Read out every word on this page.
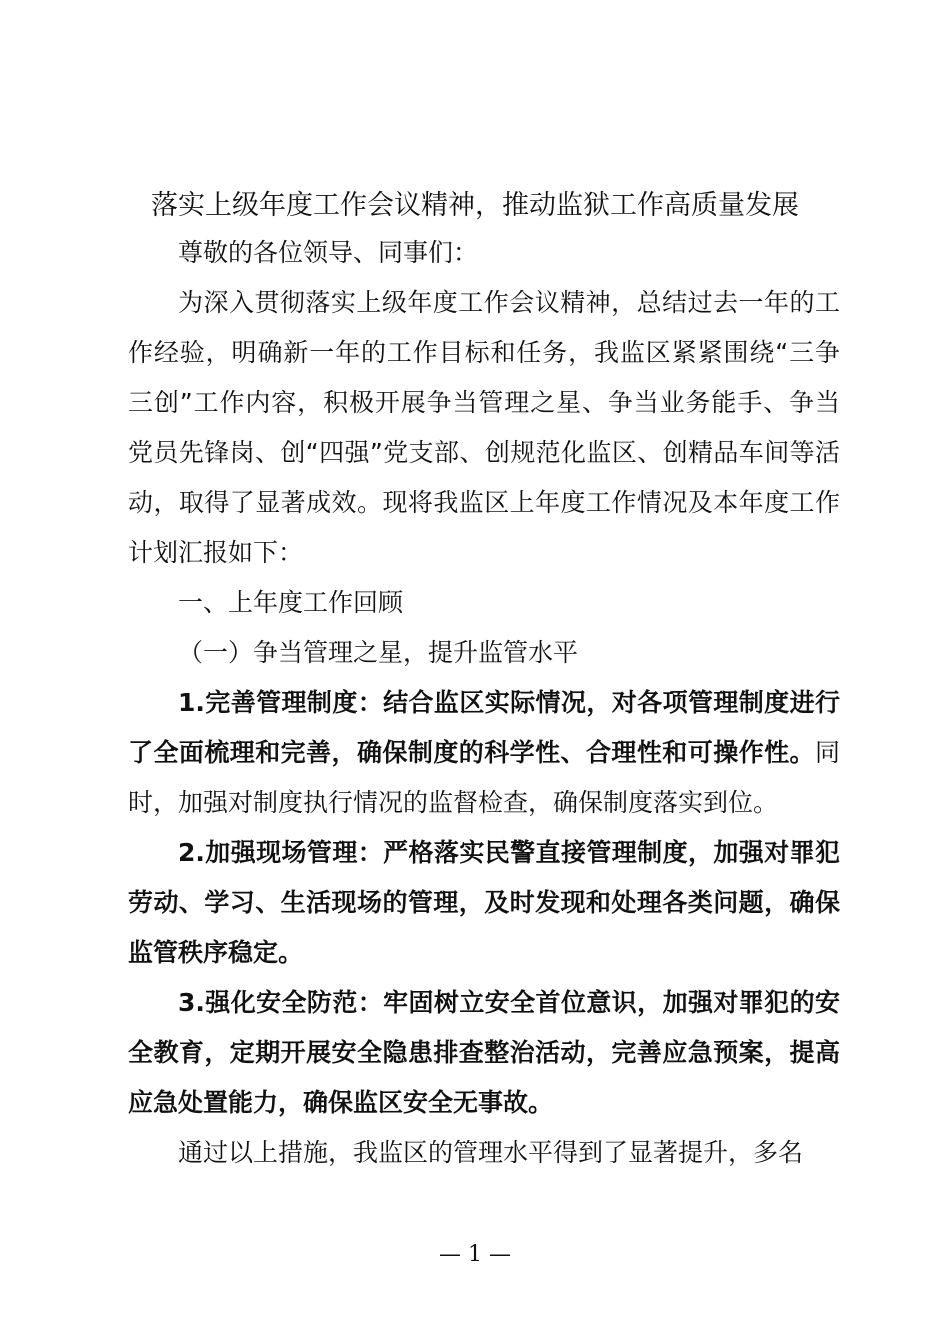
落实上级年度工作会议精神，推动监狱工作高质量发展

尊敬的各位领导、同事们：

为深入贯彻落实上级年度工作会议精神，总结过去一年的工作经验，明确新一年的工作目标和任务，我监区紧紧围绕“三争三创”工作内容，积极开展争当管理之星、争当业务能手、争当党员先锋岗、创“四强”党支部、创规范化监区、创精品车间等活动，取得了显著成效。现将我监区上年度工作情况及本年度工作计划汇报如下：

一、上年度工作回顾

（一）争当管理之星，提升监管水平

1.完善管理制度：结合监区实际情况，对各项管理制度进行了全面梳理和完善，确保制度的科学性、合理性和可操作性。同时，加强对制度执行情况的监督检查，确保制度落实到位。

2.加强现场管理：严格落实民警直接管理制度，加强对罪犯劳动、学习、生活现场的管理，及时发现和处理各类问题，确保监管秩序稳定。

3.强化安全防范：牢固树立安全首位意识，加强对罪犯的安全教育，定期开展安全隐患排查整治活动，完善应急预案，提高应急处置能力，确保监区安全无事故。

通过以上措施，我监区的管理水平得到了显著提升，多名

— 1 —
